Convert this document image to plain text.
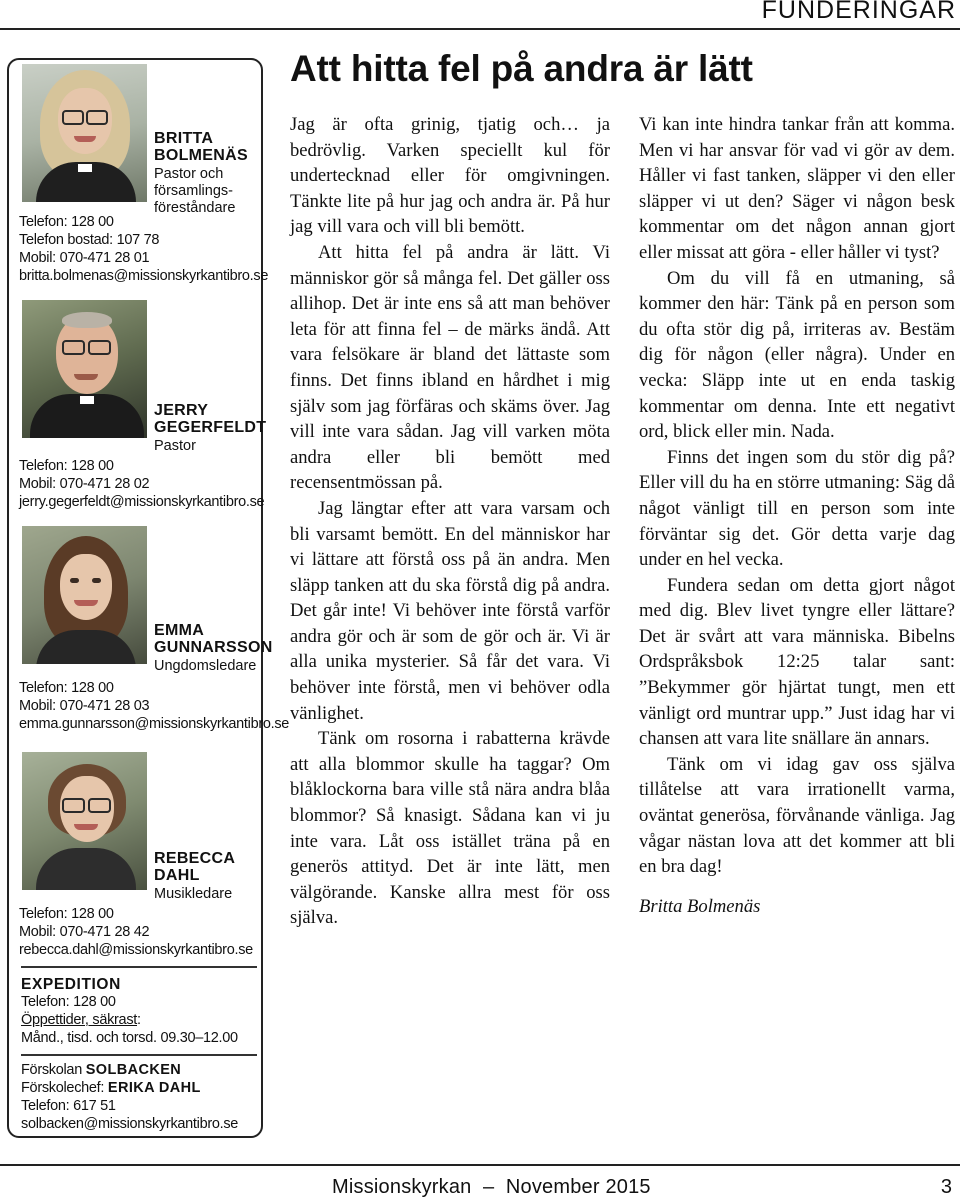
FUNDERINGAR
BRITTA
BOLMENÄS
Pastor och
församlings-
föreståndare
Telefon: 128 00
Telefon bostad: 107 78
Mobil: 070-471 28 01
britta.bolmenas@missionskyrkantibro.se
JERRY
GEGERFELDT
Pastor
Telefon: 128 00
Mobil: 070-471 28 02
jerry.gegerfeldt@missionskyrkantibro.se
EMMA
GUNNARSSON
Ungdomsledare
Telefon: 128 00
Mobil: 070-471 28 03
emma.gunnarsson@missionskyrkantibro.se
REBECCA
DAHL
Musikledare
Telefon: 128 00
Mobil: 070-471 28 42
rebecca.dahl@missionskyrkantibro.se
EXPEDITION
Telefon: 128 00
Öppettider, säkrast:
Månd., tisd. och torsd. 09.30–12.00
Förskolan SOLBACKEN
Förskolechef: ERIKA DAHL
Telefon: 617 51
solbacken@missionskyrkantibro.se
Att hitta fel på andra är lätt

Jag är ofta grinig, tjatig och… ja bedrövlig. Varken speciellt kul för undertecknad eller för omgivningen. Tänkte lite på hur jag och andra är. På hur jag vill vara och vill bli bemött.

Att hitta fel på andra är lätt. Vi människor gör så många fel. Det gäller oss allihop. Det är inte ens så att man behöver leta för att finna fel – de märks ändå. Att vara felsökare är bland det lättaste som finns. Det finns ibland en hårdhet i mig själv som jag förfäras och skäms över. Jag vill inte vara sådan. Jag vill varken möta andra eller bli bemött med recensentmössan på.

Jag längtar efter att vara varsam och bli varsamt bemött. En del människor har vi lättare att förstå oss på än andra. Men släpp tanken att du ska förstå dig på andra. Det går inte! Vi behöver inte förstå varför andra gör och är som de gör och är. Vi är alla unika mysterier. Så får det vara. Vi behöver inte förstå, men vi behöver odla vänlighet.

Tänk om rosorna i rabatterna krävde att alla blommor skulle ha taggar? Om blåklockorna bara ville stå nära andra blåa blommor? Så knasigt. Sådana kan vi ju inte vara. Låt oss istället träna på en generös attityd. Det är inte lätt, men välgörande. Kanske allra mest för oss själva.

Vi kan inte hindra tankar från att komma. Men vi har ansvar för vad vi gör av dem. Håller vi fast tanken, släpper vi den eller släpper vi ut den? Säger vi någon besk kommentar om det någon annan gjort eller missat att göra - eller håller vi tyst?

Om du vill få en utmaning, så kommer den här: Tänk på en person som du ofta stör dig på, irriteras av. Bestäm dig för någon (eller några). Under en vecka: Släpp inte ut en enda taskig kommentar om denna. Inte ett negativt ord, blick eller min. Nada.

Finns det ingen som du stör dig på? Eller vill du ha en större utmaning: Säg då något vänligt till en person som inte förväntar sig det. Gör detta varje dag under en hel vecka.

Fundera sedan om detta gjort något med dig. Blev livet tyngre eller lättare? Det är svårt att vara människa. Bibelns Ordspråksbok 12:25 talar sant: ”Bekymmer gör hjärtat tungt, men ett vänligt ord muntrar upp.” Just idag har vi chansen att vara lite snällare än annars.

Tänk om vi idag gav oss själva tillåtelse att vara irrationellt varma, oväntat generösa, förvånande vänliga. Jag vågar nästan lova att det kommer att bli en bra dag!

Britta Bolmenäs

Missionskyrkan  –  November 2015	3
